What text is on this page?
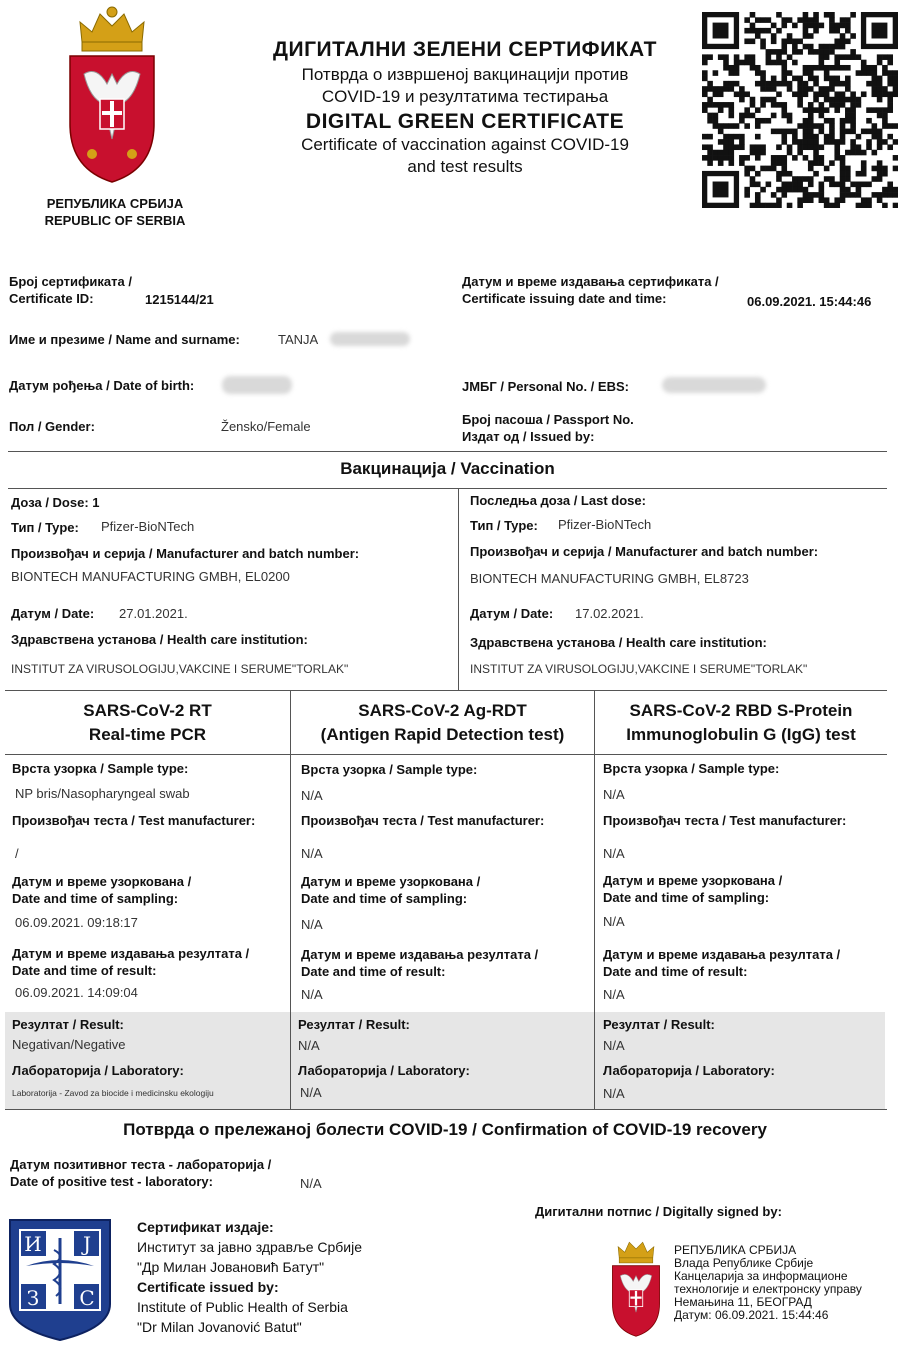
РЕПУБЛИКА СРБИЈА
REPUBLIC OF SERBIA
ДИГИТАЛНИ ЗЕЛЕНИ СЕРТИФИКАТ
Потврда о извршеној вакцинацији против
COVID-19 и резултатима тестирања
DIGITAL GREEN CERTIFICATE
Certificate of vaccination against COVID-19
and test results
Број сертификата /
Certificate ID:	1215144/21
Датум и време издавања сертификата /
Certificate issuing date and time:	06.09.2021. 15:44:46
Име и презиме / Name and surname:	TANJA
Датум рођења / Date of birth:	ЈМБГ / Personal No. / EBS:
Пол / Gender:	Žensko/Female	Број пасоша / Passport No.
Издат од / Issued by:
Вакцинација / Vaccination
Доза / Dose: 1
Тип / Type: Pfizer-BioNTech
Произвођач и серија / Manufacturer and batch number:
BIONTECH MANUFACTURING GMBH, EL0200
Датум / Date: 27.01.2021.
Здравствена установа / Health care institution:
INSTITUT ZA VIRUSOLOGIJU,VAKCINE I SERUME"TORLAK"
Последња доза / Last dose:
Тип / Type: Pfizer-BioNTech
Произвођач и серија / Manufacturer and batch number:
BIONTECH MANUFACTURING GMBH, EL8723
Датум / Date: 17.02.2021.
Здравствена установа / Health care institution:
INSTITUT ZA VIRUSOLOGIJU,VAKCINE I SERUME"TORLAK"
SARS-CoV-2 RT
Real-time PCR
Врста узорка / Sample type:
NP bris/Nasopharyngeal swab
Произвођач теста / Test manufacturer:
/
Датум и време узоркована /
Date and time of sampling:
06.09.2021. 09:18:17
Датум и време издавања резултата /
Date and time of result:
06.09.2021. 14:09:04
Резултат / Result:
Negativan/Negative
Лабораторија / Laboratory:
Laboratorija - Zavod za biocide i medicinsku ekologiju
SARS-CoV-2 Ag-RDT
(Antigen Rapid Detection test)
Врста узорка / Sample type:
N/A
Произвођач теста / Test manufacturer:
N/A
Датум и време узоркована /
Date and time of sampling:
N/A
Датум и време издавања резултата /
Date and time of result:
N/A
Резултат / Result:
N/A
Лабораторија / Laboratory:
N/A
SARS-CoV-2 RBD S-Protein
Immunoglobulin G (IgG) test
Врста узорка / Sample type:
N/A
Произвођач теста / Test manufacturer:
N/A
Датум и време узоркована /
Date and time of sampling:
N/A
Датум и време издавања резултата /
Date and time of result:
N/A
Резултат / Result:
N/A
Лабораторија / Laboratory:
N/A
Потврда о прележаној болести COVID-19 / Confirmation of COVID-19 recovery
Датум позитивног теста - лабораторија /
Date of positive test - laboratory:	N/A
И Ј
З С
Сертификат издаје:
Институт за јавно здравље Србије
"Др Милан Јовановић Батут"
Certificate issued by:
Institute of Public Health of Serbia
"Dr Milan Jovanović Batut"
Дигитални потпис / Digitally signed by:
РЕПУБЛИКА СРБИЈА
Влада Републике Србије
Канцеларија за информационе
технологије и електронску управу
Немањина 11, БЕОГРАД
Датум: 06.09.2021. 15:44:46
